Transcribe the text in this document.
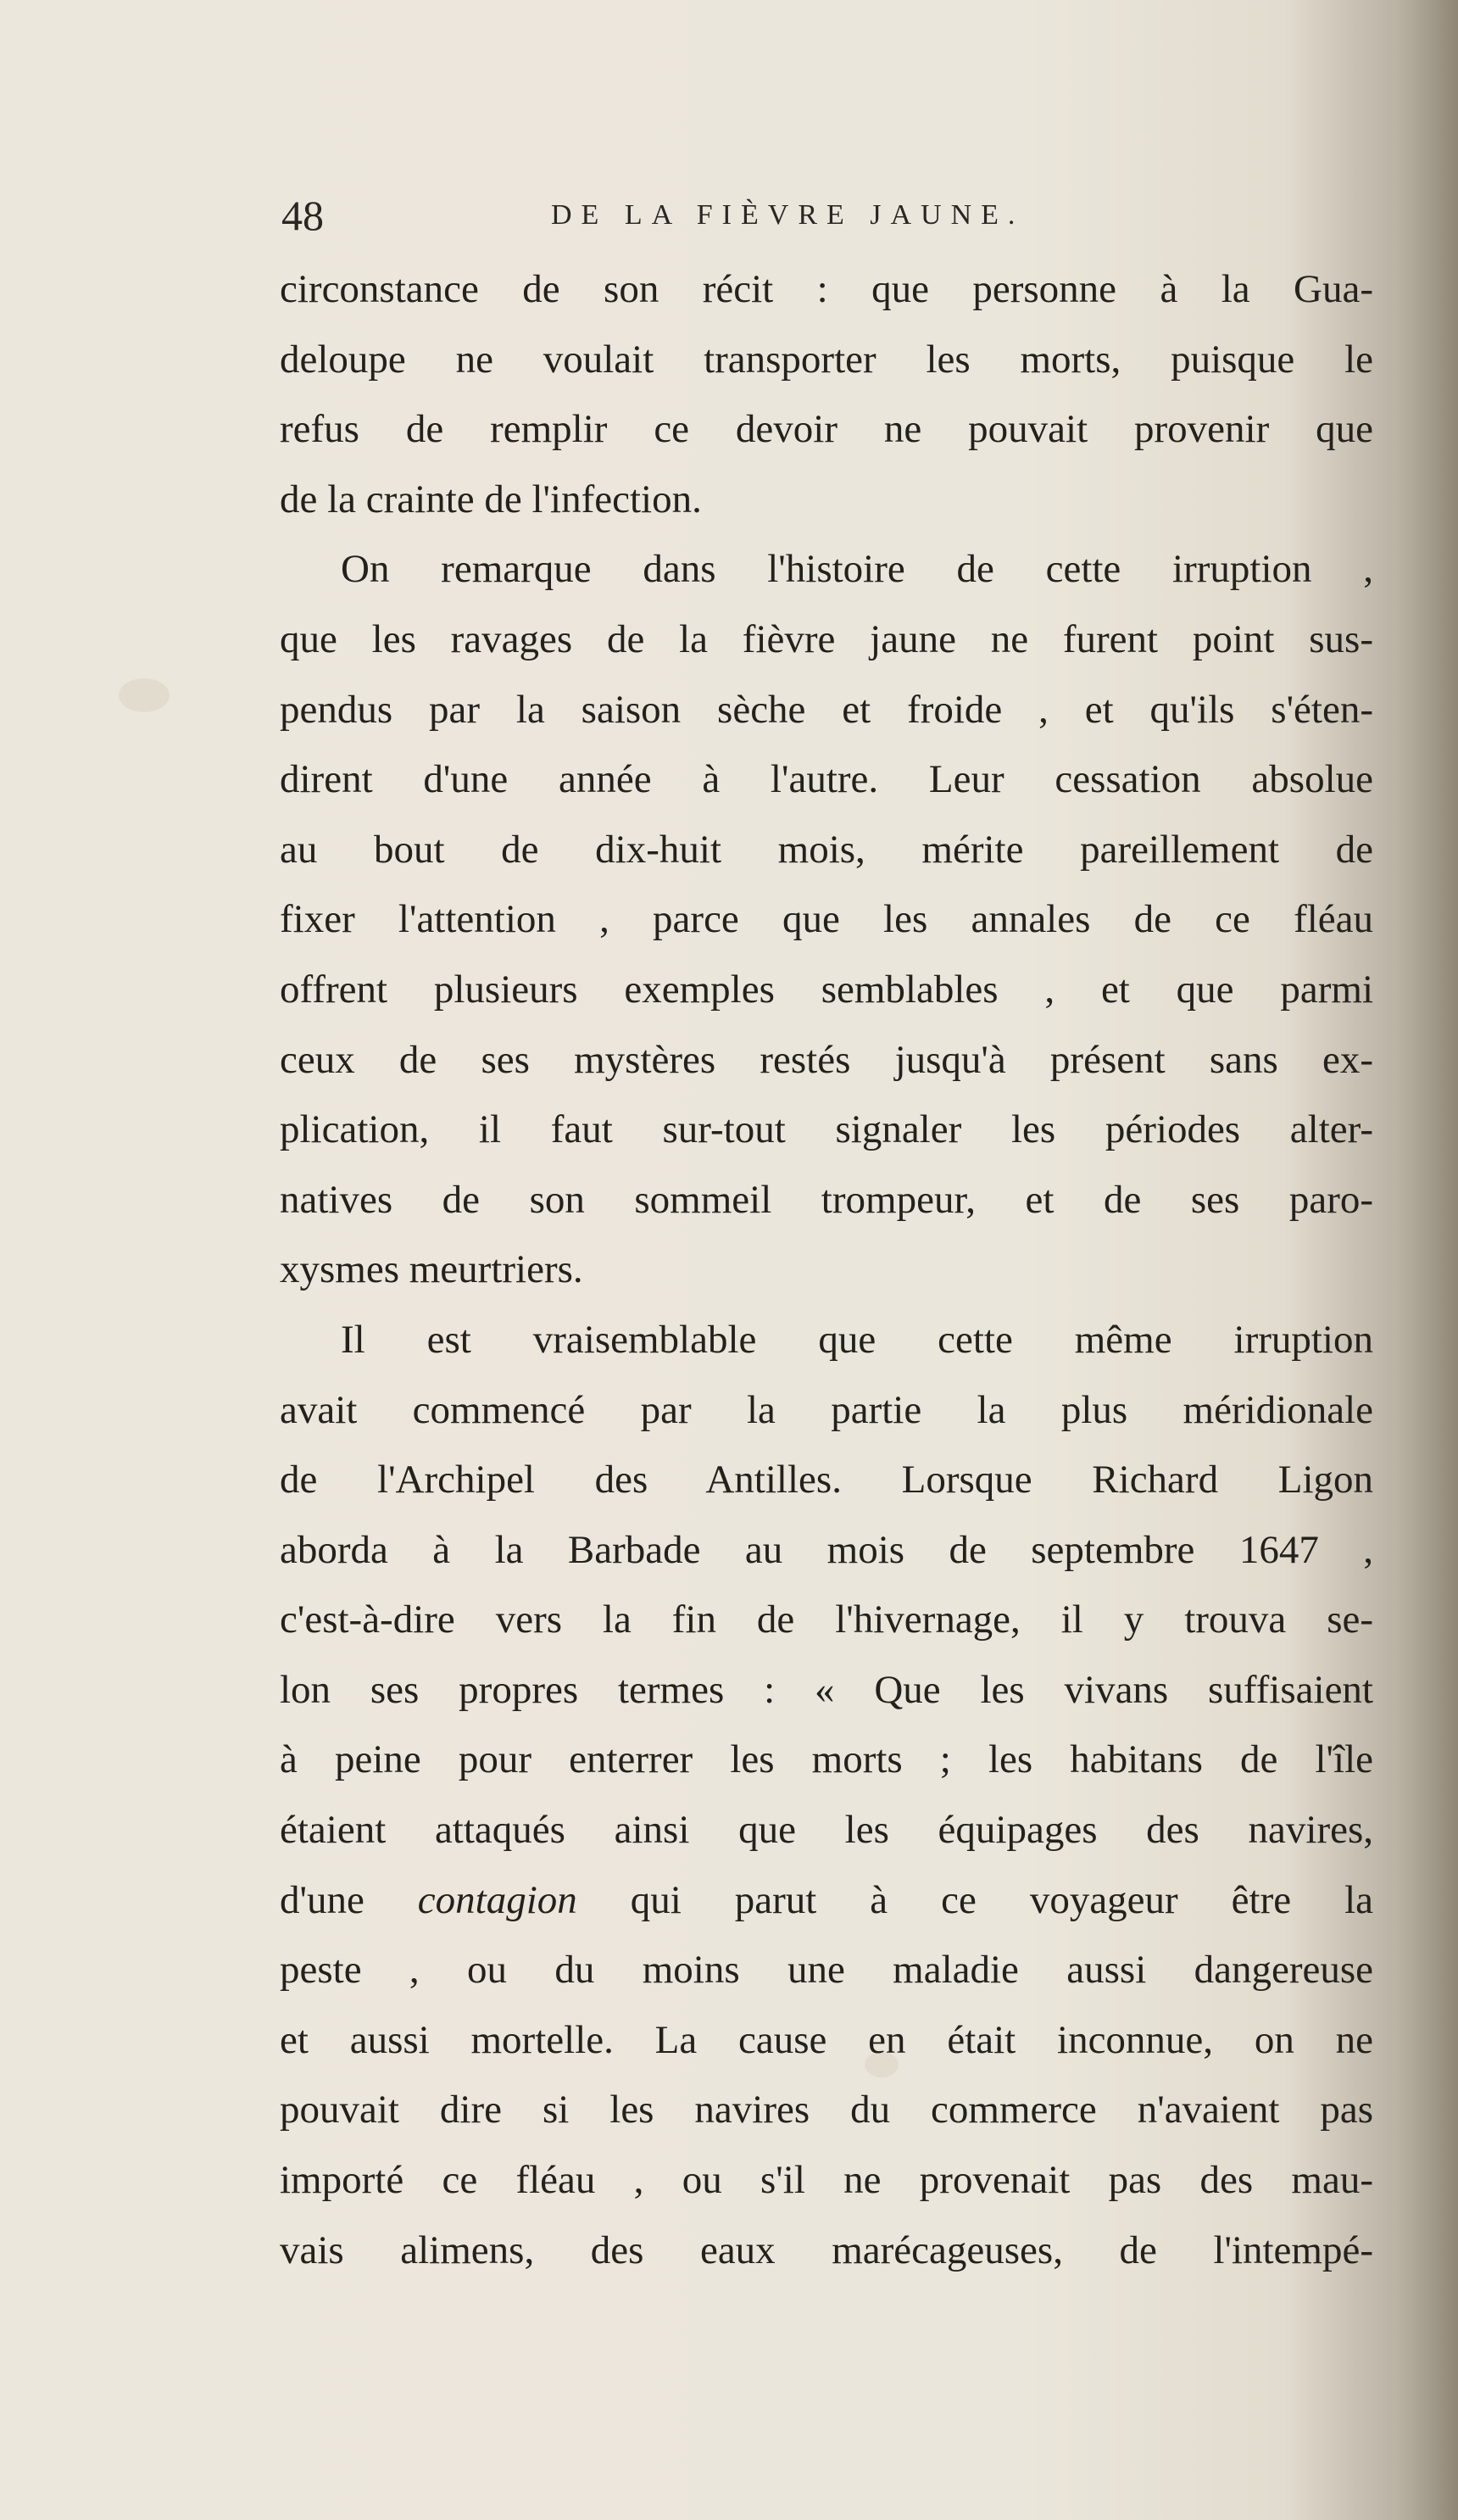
48	DE LA FIÈVRE JAUNE.
circonstance de son récit : que personne à la Gua-
deloupe ne voulait transporter les morts, puisque le
refus de remplir ce devoir ne pouvait provenir que
de la crainte de l'infection.
On remarque dans l'histoire de cette irruption ,
que les ravages de la fièvre jaune ne furent point sus-
pendus par la saison sèche et froide , et qu'ils s'éten-
dirent d'une année à l'autre. Leur cessation absolue
au bout de dix-huit mois, mérite pareillement de
fixer l'attention , parce que les annales de ce fléau
offrent plusieurs exemples semblables , et que parmi
ceux de ses mystères restés jusqu'à présent sans ex-
plication, il faut sur-tout signaler les périodes alter-
natives de son sommeil trompeur, et de ses paro-
xysmes meurtriers.
Il est vraisemblable que cette même irruption
avait commencé par la partie la plus méridionale
de l'Archipel des Antilles. Lorsque Richard Ligon
aborda à la Barbade au mois de septembre 1647 ,
c'est-à-dire vers la fin de l'hivernage, il y trouva se-
lon ses propres termes : « Que les vivans suffisaient
à peine pour enterrer les morts ; les habitans de l'île
étaient attaqués ainsi que les équipages des navires,
d'une contagion qui parut à ce voyageur être la
peste , ou du moins une maladie aussi dangereuse
et aussi mortelle. La cause en était inconnue, on ne
pouvait dire si les navires du commerce n'avaient pas
importé ce fléau , ou s'il ne provenait pas des mau-
vais alimens, des eaux marécageuses, de l'intempé-
